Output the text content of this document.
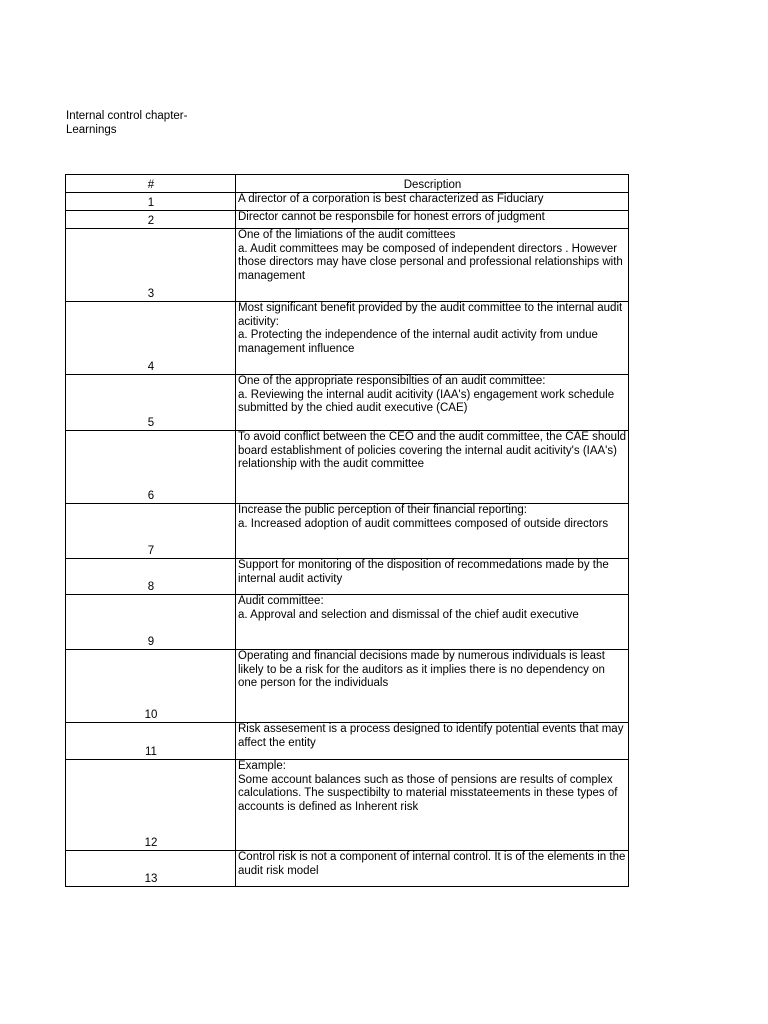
Internal control chapter-
Learnings
#	Description
1	A director of a corporation is best characterized as Fiduciary
2	Director cannot be responsbile for honest errors of judgment
3	One of the limiations of the audit comittees
a. Audit committees may be composed of independent directors . However those directors may have close personal and professional relationships with management
4	Most significant benefit provided by the audit committee to the internal audit acitivity:
a. Protecting the independence of the internal audit activity from undue management influence
5	One of the appropriate responsibilties of an audit committee:
a. Reviewing the internal audit acitivity (IAA's) engagement work schedule submitted by the chied audit executive (CAE)
6	To avoid conflict between the CEO and the audit committee, the CAE should board establishment of policies covering the internal audit acitivity's (IAA's) relationship with the audit committee
7	Increase the public perception of their financial reporting:
a. Increased adoption of audit committees composed of outside directors
8	Support for monitoring of the disposition of recommedations made by the internal audit activity
9	Audit committee:
a. Approval and selection and dismissal of the chief audit executive
10	Operating and financial decisions made by numerous individuals is least likely to be a risk for the auditors as it implies there is no dependency on one person for the individuals
11	Risk assesement is a process designed to identify potential events that may affect the entity
12	Example:
Some account balances such as those of pensions are results of complex calculations. The suspectibilty to material misstateements in these types of accounts is defined as Inherent risk
13	Control risk is not a component of internal control. It is of the elements in the audit risk model
